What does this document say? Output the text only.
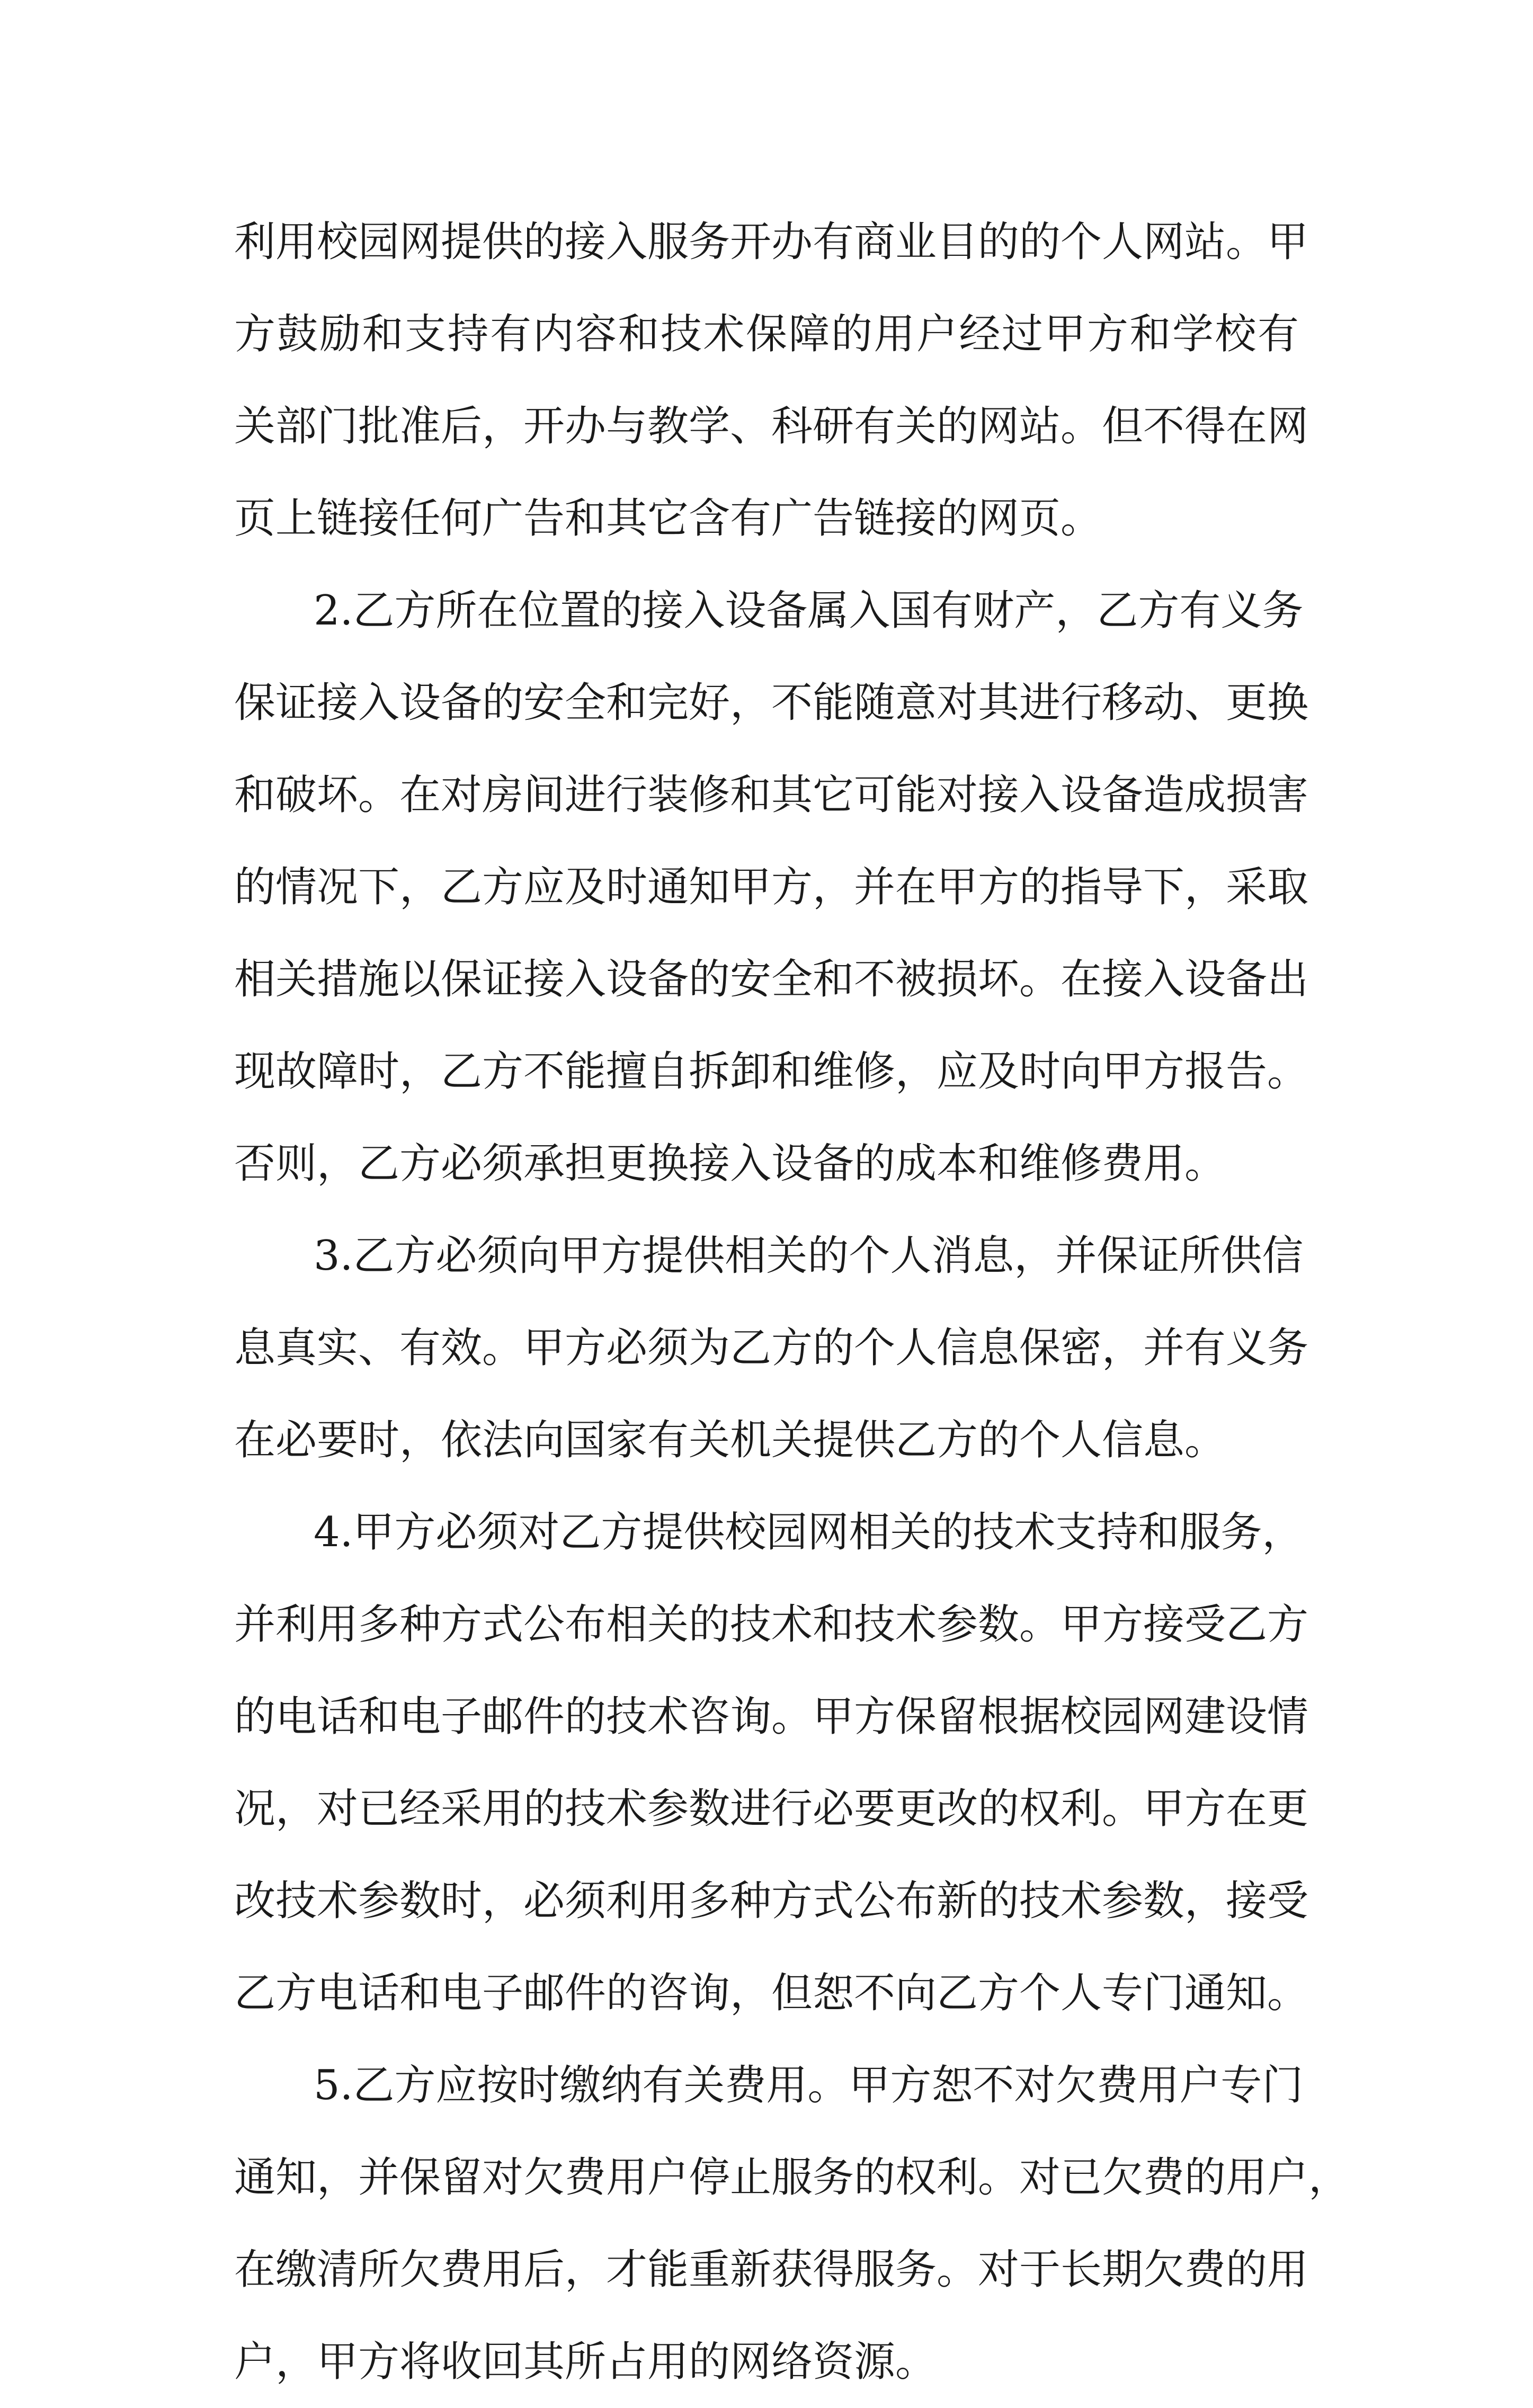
利用校园网提供的接入服务开办有商业目的的个人网站。甲
方鼓励和支持有内容和技术保障的用户经过甲方和学校有
关部门批准后，开办与教学、科研有关的网站。但不得在网
页上链接任何广告和其它含有广告链接的网页。
2.乙方所在位置的接入设备属入国有财产，乙方有义务
保证接入设备的安全和完好，不能随意对其进行移动、更换
和破坏。在对房间进行装修和其它可能对接入设备造成损害
的情况下，乙方应及时通知甲方，并在甲方的指导下，采取
相关措施以保证接入设备的安全和不被损坏。在接入设备出
现故障时，乙方不能擅自拆卸和维修，应及时向甲方报告。
否则，乙方必须承担更换接入设备的成本和维修费用。
3.乙方必须向甲方提供相关的个人消息，并保证所供信
息真实、有效。甲方必须为乙方的个人信息保密，并有义务
在必要时，依法向国家有关机关提供乙方的个人信息。
4.甲方必须对乙方提供校园网相关的技术支持和服务，
并利用多种方式公布相关的技术和技术参数。甲方接受乙方
的电话和电子邮件的技术咨询。甲方保留根据校园网建设情
况，对已经采用的技术参数进行必要更改的权利。甲方在更
改技术参数时，必须利用多种方式公布新的技术参数，接受
乙方电话和电子邮件的咨询，但恕不向乙方个人专门通知。
5.乙方应按时缴纳有关费用。甲方恕不对欠费用户专门
通知，并保留对欠费用户停止服务的权利。对已欠费的用户，
在缴清所欠费用后，才能重新获得服务。对于长期欠费的用
户，甲方将收回其所占用的网络资源。
